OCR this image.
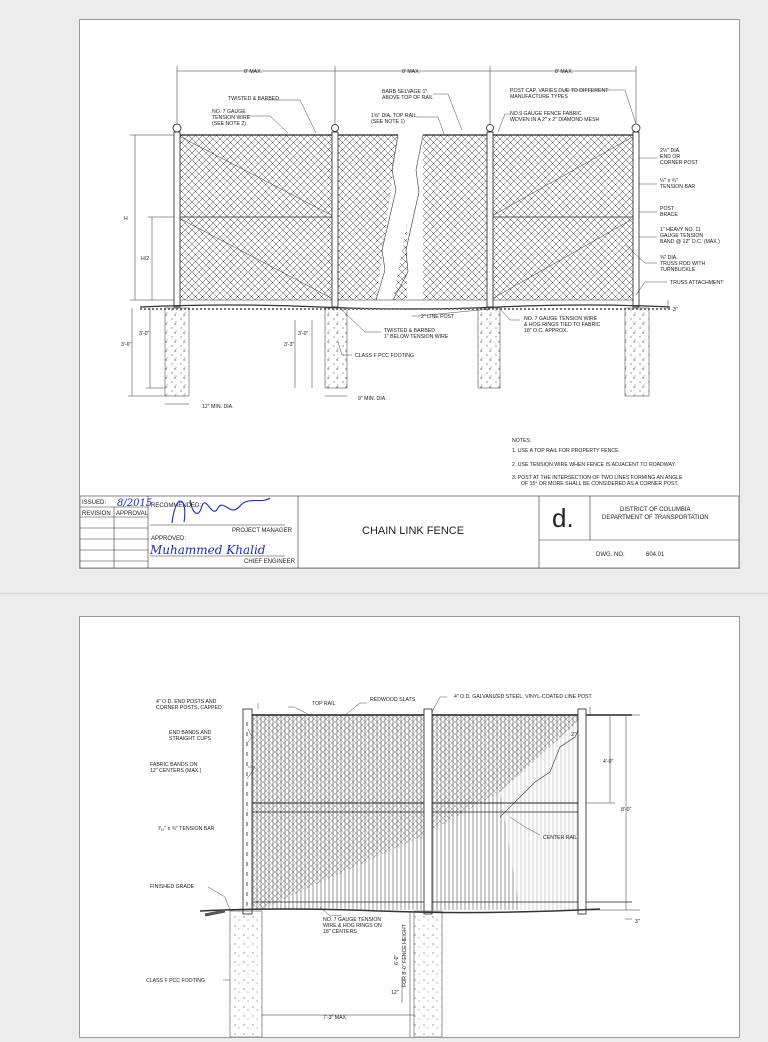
8' MAX.	8' MAX.	8' MAX.
H
H/2
3'-0"
3'-6"
3'-0"
3'-3"
12" MIN. DIA.
9" MIN. DIA.
TWISTED & BARBED
NO. 7 GAUGE
TENSION WIRE
(SEE NOTE 2)
BARB SELVAGE 1"
ABOVE TOP OF RAIL
1⅝" DIA. TOP RAIL
(SEE NOTE 1)
POST CAP, VARIES DUE TO DIFFERENT
MANUFACTURE TYPES
NO.9 GAUGE FENCE FABRIC
WOVEN IN A 2" x 2" DIAMOND MESH
2½" DIA.
END OR
CORNER POST
¼" x ¾"
TENSION BAR
POST
BRACE
1" HEAVY NO. 11
GAUGE TENSION
BAND @ 12" O.C. (MAX.)
⅜" DIA.
TRUSS ROD WITH
TURNBUCKLE
TRUSS ATTACHMENT
3"
2" LINE POST	NO. 7 GAUGE TENSION WIRE
& HOG RINGS TIED TO FABRIC
18" O.C. APPROX.
TWISTED & BARBED
1" BELOW TENSION WIRE
CLASS F PCC FOOTING
NOTES:
1. USE A TOP RAIL FOR PROPERTY FENCE.
2. USE TENSION WIRE WHEN FENCE IS ADJACENT TO ROADWAY.
3. POST AT THE INTERSECTION OF TWO LINES FORMING AN ANGLE
OF 15° OR MORE SHALL BE CONSIDERED AS A CORNER POST.
ISSUED: 8/2015
REVISION APPROVAL
RECOMMENDED:
PROJECT MANAGER
APPROVED:
Muhammed Khalid
CHIEF ENGINEER
CHAIN LINK FENCE	d.	DISTRICT OF COLUMBIA
DEPARTMENT OF TRANSPORTATION
DWG. NO.	604.01
2"
4'-0"
8'-0"
3"
12"
6'-0" FOR 8'-0" FENCE HEIGHT
7'-3" MAX.
4" O.D. END POSTS AND
CORNER POSTS, CAPPED
TOP RAIL
REDWOOD SLATS	4" O.D. GALVANIZED STEEL, VINYL-COATED LINE POST
END BANDS AND
STRAIGHT CUPS
FABRIC BANDS ON
12" CENTERS (MAX.)
³⁄₁₆" x ¾" TENSION BAR
CENTER RAIL
FINISHED GRADE
NO. 7 GAUGE TENSION
WIRE & HOG RINGS ON
18" CENTERS
CLASS F PCC FOOTING
